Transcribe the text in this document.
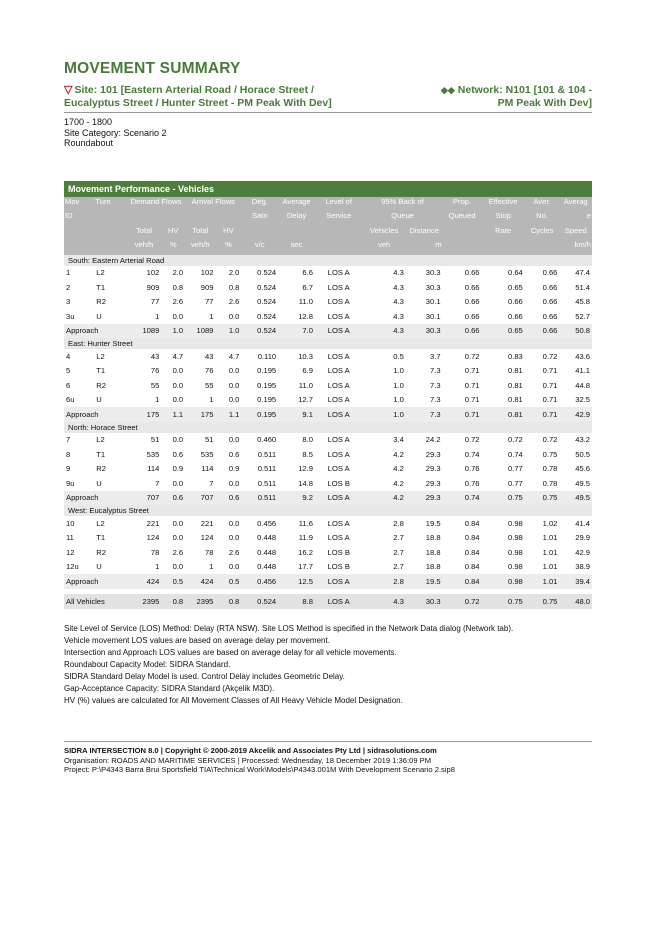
MOVEMENT SUMMARY
▽ Site: 101 [Eastern Arterial Road / Horace Street /
Eucalyptus Street / Hunter Street - PM Peak With Dev]
◆◆ Network: N101 [101 & 104 -
PM Peak With Dev]
1700 - 1800
Site Category: Scenario 2
Roundabout
Movement Performance - Vehicles														
Mov	Turn	Demand Flows		Arrival Flows		Deg.	Average	Level of	95% Back of		Prop.	Effective	Aver.	Averag
ID						Satn	Delay	Service	Queue		Queued	Stop	No.	e
		Total	HV	Total	HV				Vehicles	Distance		Rate	Cycles	Speed
		veh/h	%	veh/h	%	v/c	sec		veh	m				km/h
South: Eastern Arterial Road														
1	L2	102	2.0	102	2.0	0.524	6.6	LOS A	4.3	30.3	0.66	0.64	0.66	47.4
2	T1	909	0.8	909	0.8	0.524	6.7	LOS A	4.3	30.3	0.66	0.65	0.66	51.4
3	R2	77	2.6	77	2.6	0.524	11.0	LOS A	4.3	30.1	0.66	0.66	0.66	45.8
3u	U	1	0.0	1	0.0	0.524	12.8	LOS A	4.3	30.1	0.66	0.66	0.66	52.7
Approach		1089	1.0	1089	1.0	0.524	7.0	LOS A	4.3	30.3	0.66	0.65	0.66	50.8
East: Hunter Street														
4	L2	43	4.7	43	4.7	0.110	10.3	LOS A	0.5	3.7	0.72	0.83	0.72	43.6
5	T1	76	0.0	76	0.0	0.195	6.9	LOS A	1.0	7.3	0.71	0.81	0.71	41.1
6	R2	55	0.0	55	0.0	0.195	11.0	LOS A	1.0	7.3	0.71	0.81	0.71	44.8
6u	U	1	0.0	1	0.0	0.195	12.7	LOS A	1.0	7.3	0.71	0.81	0.71	32.5
Approach		175	1.1	175	1.1	0.195	9.1	LOS A	1.0	7.3	0.71	0.81	0.71	42.9
North: Horace Street														
7	L2	51	0.0	51	0.0	0.460	8.0	LOS A	3.4	24.2	0.72	0.72	0.72	43.2
8	T1	535	0.6	535	0.6	0.511	8.5	LOS A	4.2	29.3	0.74	0.74	0.75	50.5
9	R2	114	0.9	114	0.9	0.511	12.9	LOS A	4.2	29.3	0.76	0.77	0.78	45.6
9u	U	7	0.0	7	0.0	0.511	14.8	LOS B	4.2	29.3	0.76	0.77	0.78	49.5
Approach		707	0.6	707	0.6	0.511	9.2	LOS A	4.2	29.3	0.74	0.75	0.75	49.5
West: Eucalyptus Street														
10	L2	221	0.0	221	0.0	0.456	11.6	LOS A	2.8	19.5	0.84	0.98	1.02	41.4
11	T1	124	0.0	124	0.0	0.448	11.9	LOS A	2.7	18.8	0.84	0.98	1.01	29.9
12	R2	78	2.6	78	2.6	0.448	16.2	LOS B	2.7	18.8	0.84	0.98	1.01	42.9
12u	U	1	0.0	1	0.0	0.448	17.7	LOS B	2.7	18.8	0.84	0.98	1.01	38.9
Approach		424	0.5	424	0.5	0.456	12.5	LOS A	2.8	19.5	0.84	0.98	1.01	39.4

All Vehicles		2395	0.8	2395	0.8	0.524	8.8	LOS A	4.3	30.3	0.72	0.75	0.75	48.0
Site Level of Service (LOS) Method: Delay (RTA NSW). Site LOS Method is specified in the Network Data dialog (Network tab).
Vehicle movement LOS values are based on average delay per movement.
Intersection and Approach LOS values are based on average delay for all vehicle movements.
Roundabout Capacity Model: SIDRA Standard.
SIDRA Standard Delay Model is used. Control Delay includes Geometric Delay.
Gap-Acceptance Capacity: SIDRA Standard (Akçelik M3D).
HV (%) values are calculated for All Movement Classes of All Heavy Vehicle Model Designation.
SIDRA INTERSECTION 8.0 | Copyright © 2000-2019 Akcelik and Associates Pty Ltd | sidrasolutions.com
Organisation: ROADS AND MARITIME SERVICES | Processed: Wednesday, 18 December 2019 1:36:09 PM
Project: P:\P4343 Barra Brui Sportsfield TIA\Technical Work\Models\P4343.001M With Development Scenario 2.sip8
